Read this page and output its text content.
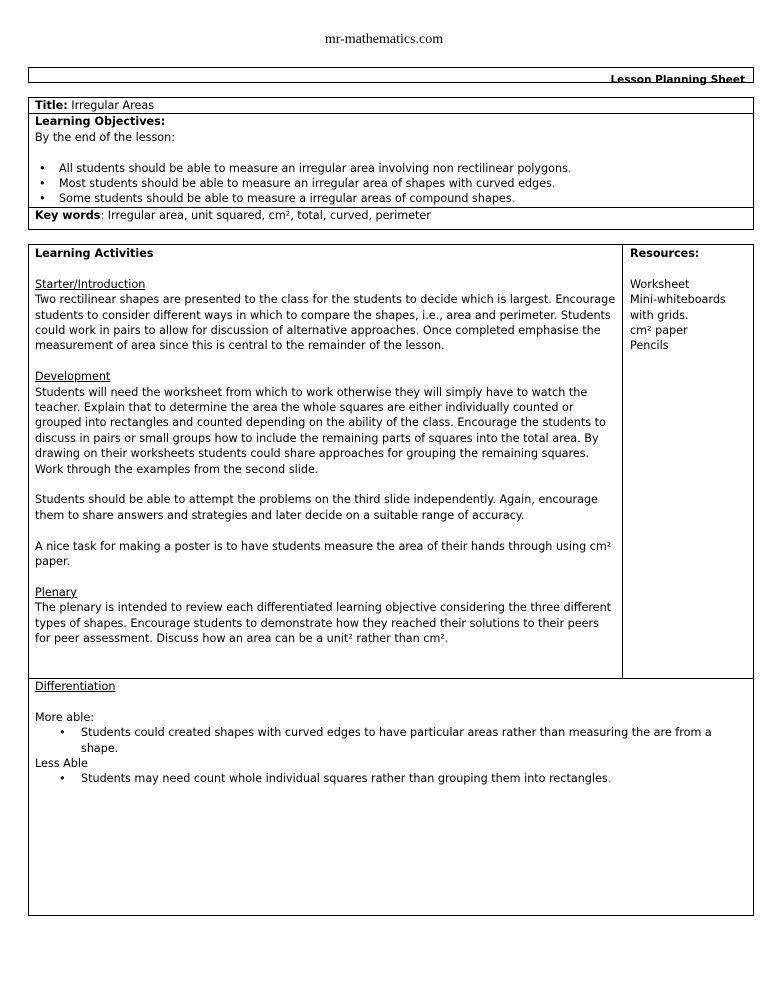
mr-mathematics.com
Lesson Planning Sheet
Title: Irregular Areas
Learning Objectives:
By the end of the lesson:
• All students should be able to measure an irregular area involving non rectilinear polygons.
• Most students should be able to measure an irregular area of shapes with curved edges.
• Some students should be able to measure a irregular areas of compound shapes.
Key words: Irregular area, unit squared, cm², total, curved, perimeter
Learning Activities
Starter/Introduction

Two rectilinear shapes are presented to the class for the students to decide which is largest. Encourage students to consider different ways in which to compare the shapes, i.e., area and perimeter. Students could work in pairs to allow for discussion of alternative approaches. Once completed emphasise the measurement of area since this is central to the remainder of the lesson.

Development

Students will need the worksheet from which to work otherwise they will simply have to watch the teacher. Explain that to determine the area the whole squares are either individually counted or grouped into rectangles and counted depending on the ability of the class. Encourage the students to discuss in pairs or small groups how to include the remaining parts of squares into the total area. By drawing on their worksheets students could share approaches for grouping the remaining squares. Work through the examples from the second slide.

Students should be able to attempt the problems on the third slide independently. Again, encourage them to share answers and strategies and later decide on a suitable range of accuracy.

A nice task for making a poster is to have students measure the area of their hands through using cm² paper.

Plenary

The plenary is intended to review each differentiated learning objective considering the three different types of shapes. Encourage students to demonstrate how they reached their solutions to their peers for peer assessment. Discuss how an area can be a unit² rather than cm².

Resources:
Worksheet
Mini-whiteboards
with grids.
cm² paper
Pencils
Differentiation
More able:
• Students could created shapes with curved edges to have particular areas rather than measuring the are from a shape.
Less Able
• Students may need count whole individual squares rather than grouping them into rectangles.
